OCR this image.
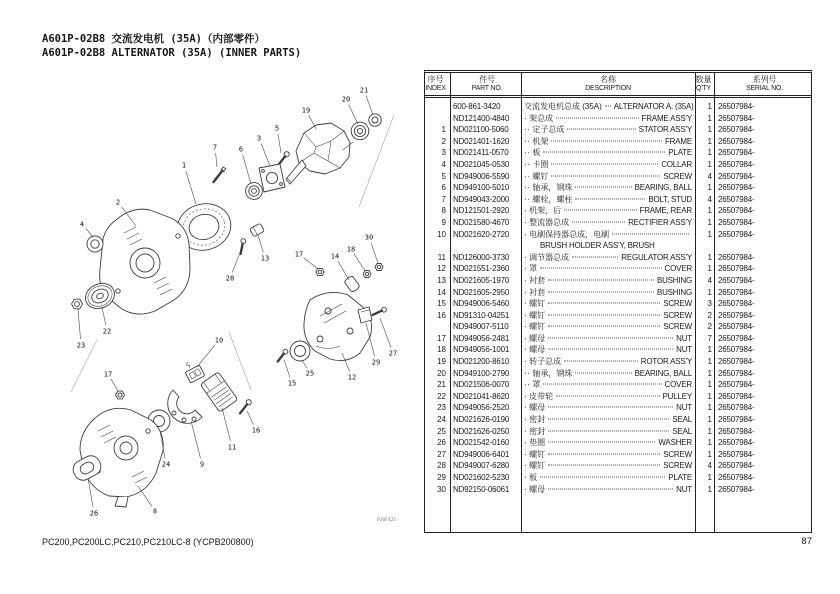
A601P-02B8 交流发电机 (35A)（内部零件）
A601P-02B8 ALTERNATOR (35A) (INNER PARTS)
PJ0F425
1
2
3
4
5
6
7
8
9
10
11
12
13	14
15
16
17
17
18
19
20
21
22
23
24
25
26
27
28
29
30
序号
INDEX
件号
PART NO.
名称
DESCRIPTION
数量
Q'TY
系列号
SERIAL NO.
600-861-3420	交流发电机总成 (35A) ALTERNATOR A. (35A)	1 26507984-
ND121400-4840	· 架总成	FRAME ASS'Y	1 26507984-
1 ND021100-5060	·· 定子总成	STATOR ASS'Y	1 26507984-
2 ND021401-1620	·· 机架	FRAME	1 26507984-
3 ND021411-0570	·· 板	PLATE	1 26507984-
4 ND021045-0530	·· 卡圈	COLLAR	1 26507984-
5 ND949006-5590	·· 螺钉	SCREW	4 26507984-
6 ND949100-5010	·· 轴承，钢珠	BEARING, BALL	1 26507984-
7 ND949043-2000	·· 螺栓，螺柱	BOLT, STUD	4 26507984-
8 ND121501-2920	· 机架，后	FRAME, REAR	1 26507984-
9 ND021580-4670	· 整流器总成	RECTIFIER ASS'Y	1 26507984-
10 ND021620-2720	· 电刷保持器总成，电刷
BRUSH HOLDER ASS'Y, BRUSH
1 26507984-
11 ND126000-3730	· 调节器总成	REGULATOR ASS'Y	1 26507984-
12 ND021551-2360	· 罩	COVER	1 26507984-
13 ND021605-1970	· 衬套	BUSHING	4 26507984-
14 ND021605-2950	· 衬套	BUSHING	1 26507984-
15 ND949006-5460	· 螺钉	SCREW	3 26507984-
16 ND91310-04251	· 螺钉	SCREW	2 26507984-
ND949007-5110	· 螺钉	SCREW	2 26507984-
17 ND949056-2481	· 螺母	NUT	7 26507984-
18 ND949056-1001	· 螺母	NUT	1 26507984-
19 ND021200-8610	· 转子总成	ROTOR ASS'Y	1 26507984-
20 ND949100-2790	·· 轴承，钢珠	BEARING, BALL	1 26507984-
21 ND021506-0070	·· 罩	COVER	1 26507984-
22 ND021041-8620	· 皮带轮	PULLEY	1 26507984-
23 ND949056-2520	· 螺母	NUT	1 26507984-
24 ND021626-0190	· 密封	SEAL	1 26507984-
25 ND021626-0250	· 密封	SEAL	1 26507984-
26 ND021542-0160	· 垫圈	WASHER	1 26507984-
27 ND949006-6401	· 螺钉	SCREW	1 26507984-
28 ND949007-6280	· 螺钉	SCREW	4 26507984-
29 ND021602-5230	· 板	PLATE	1 26507984-
30 ND92150-06061	· 螺母	NUT	1 26507984-
PC200,PC200LC,PC210,PC210LC-8 (YCPB200800)	87
